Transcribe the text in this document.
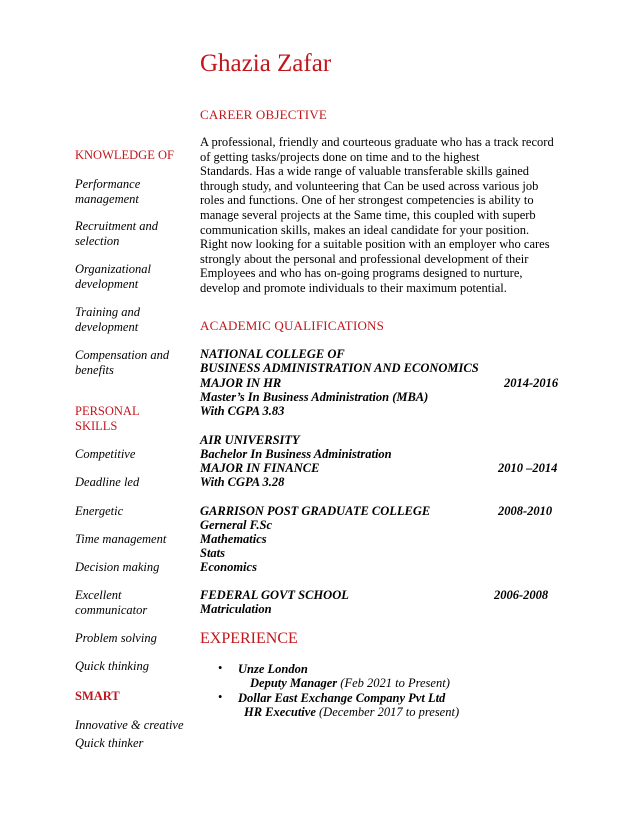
Ghazia Zafar
CAREER OBJECTIVE
A professional, friendly and courteous graduate who has a track record
of getting tasks/projects done on time and to the highest
Standards. Has a wide range of valuable transferable skills gained
through study, and volunteering that Can be used across various job
roles and functions. One of her strongest competencies is ability to
manage several projects at the Same time, this coupled with superb
communication skills, makes an ideal candidate for your position.
Right now looking for a suitable position with an employer who cares
strongly about the personal and professional development of their
Employees and who has on-going programs designed to nurture,
develop and promote individuals to their maximum potential.
KNOWLEDGE OF
Performance
management
Recruitment and
selection
Organizational
development
Training and
development
Compensation and
benefits
PERSONAL
SKILLS
Competitive
Deadline led
Energetic
Time management
Decision making
Excellent
communicator
Problem solving
Quick thinking
SMART
Innovative & creative
Quick thinker
ACADEMIC QUALIFICATIONS
NATIONAL COLLEGE OF
BUSINESS ADMINISTRATION AND ECONOMICS
MAJOR IN HR	2014-2016
Master’s In Business Administration (MBA)
With CGPA 3.83
AIR UNIVERSITY
Bachelor In Business Administration
MAJOR IN FINANCE	2010 –2014
With CGPA 3.28
GARRISON POST GRADUATE COLLEGE	2008-2010
Gerneral F.Sc
Mathematics
Stats
Economics
FEDERAL GOVT SCHOOL	2006-2008
Matriculation
EXPERIENCE
• Unze London
Deputy Manager (Feb 2021 to Present)
• Dollar East Exchange Company Pvt Ltd
HR Executive (December 2017 to present)
